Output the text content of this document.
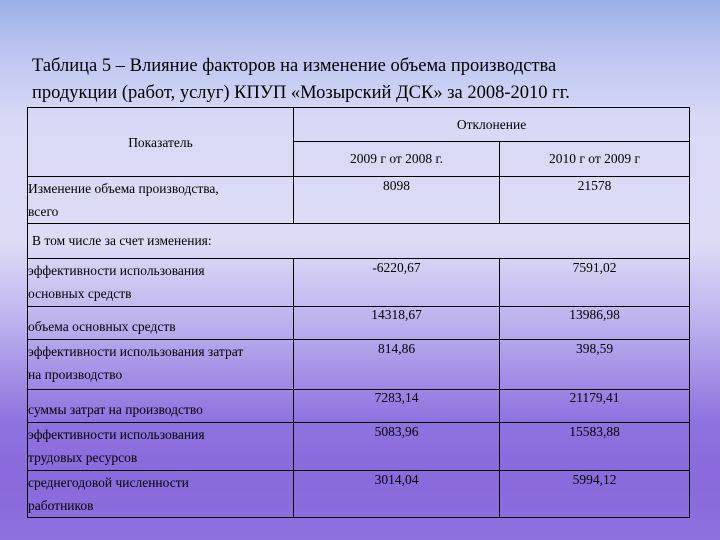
Таблица 5 – Влияние факторов на изменение объема производства
продукции (работ, услуг) КПУП «Мозырский ДСК» за 2008-2010 гг.
Показатель	Отклонение	
	2009 г от 2008 г.	2010 г от 2009 г

Изменение объема производства,
всего	8098	21578
В том числе за счет изменения:		

эффективности использования
основных средств	-6220,67	7591,02

объема основных средств	14318,67	13986,98

эффективности использования затрат
на производство	814,86	398,59

суммы затрат на производство	7283,14	21179,41

эффективности использования
трудовых ресурсов	5083,96	15583,88

среднегодовой численности
работников	3014,04	5994,12
